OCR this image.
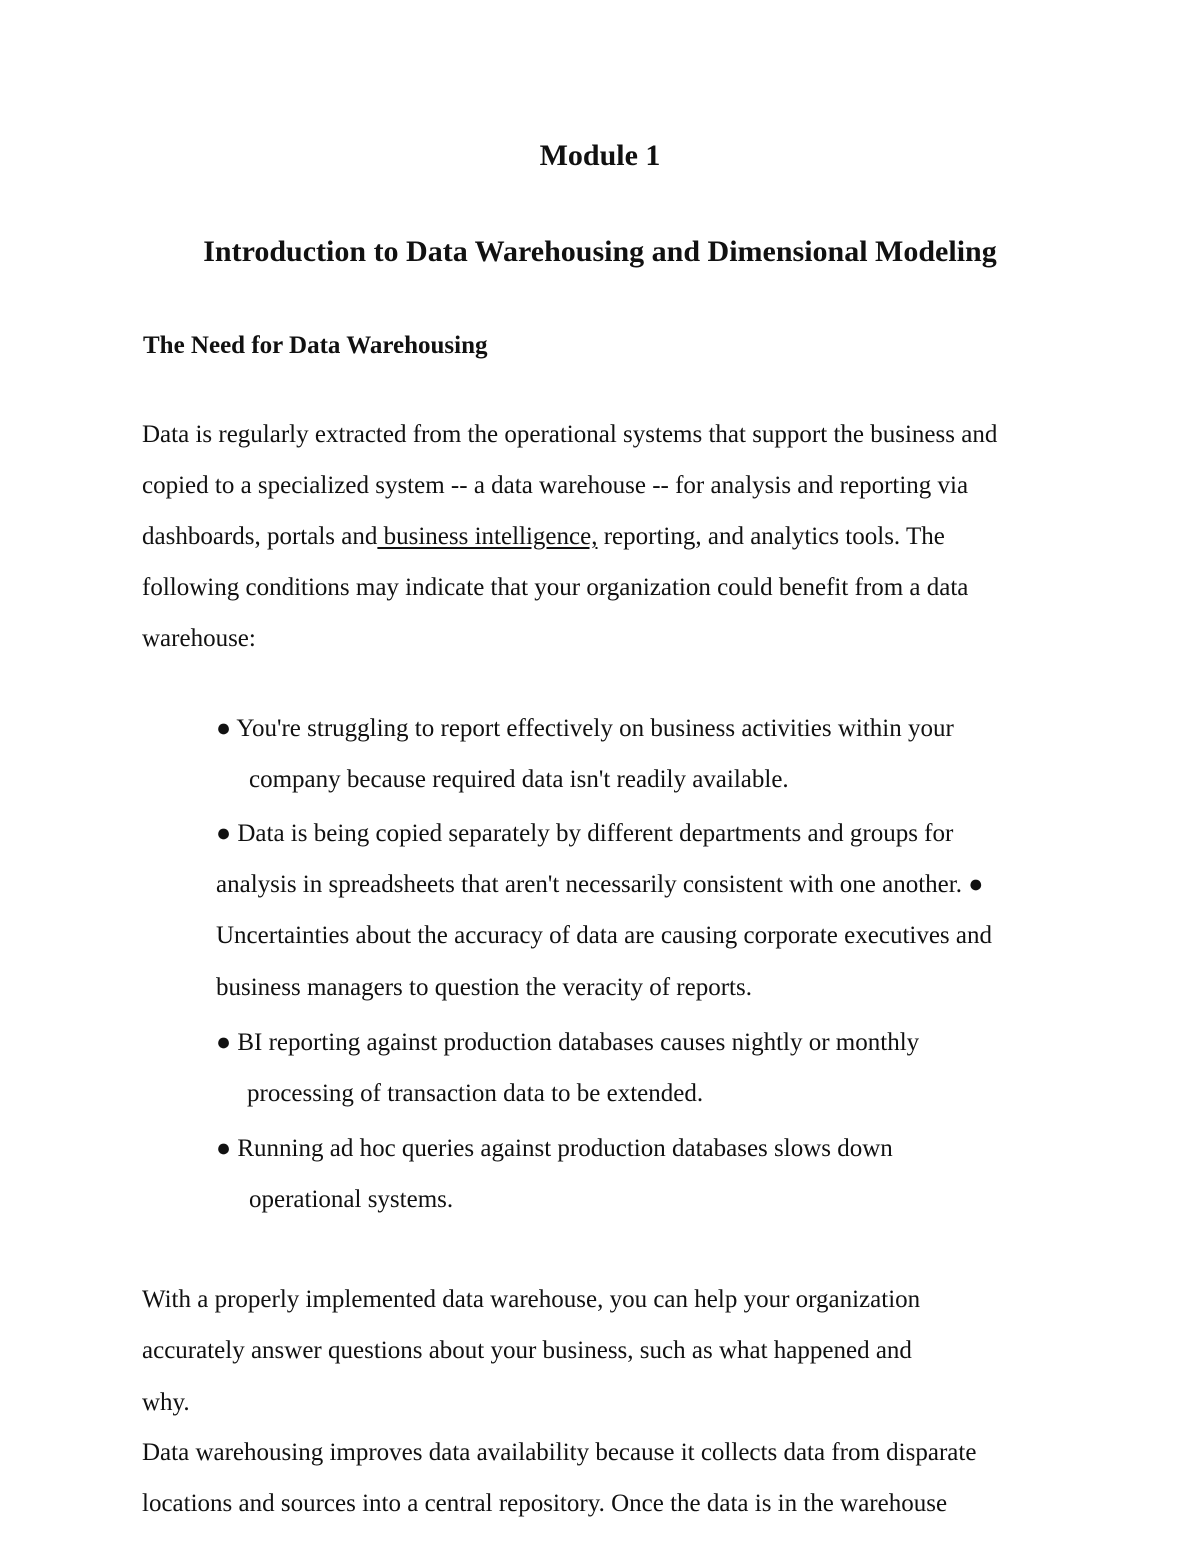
Module 1
Introduction to Data Warehousing and Dimensional Modeling
The Need for Data Warehousing
Data is regularly extracted from the operational systems that support the business and
copied to a specialized system -- a data warehouse -- for analysis and reporting via
dashboards, portals and business intelligence, reporting, and analytics tools. The
following conditions may indicate that your organization could benefit from a data
warehouse:
● You're struggling to report effectively on business activities within your
company because required data isn't readily available.
● Data is being copied separately by different departments and groups for
analysis in spreadsheets that aren't necessarily consistent with one another. ●
Uncertainties about the accuracy of data are causing corporate executives and
business managers to question the veracity of reports.
● BI reporting against production databases causes nightly or monthly
processing of transaction data to be extended.
● Running ad hoc queries against production databases slows down
operational systems.
With a properly implemented data warehouse, you can help your organization
accurately answer questions about your business, such as what happened and
why.
Data warehousing improves data availability because it collects data from disparate
locations and sources into a central repository. Once the data is in the warehouse
